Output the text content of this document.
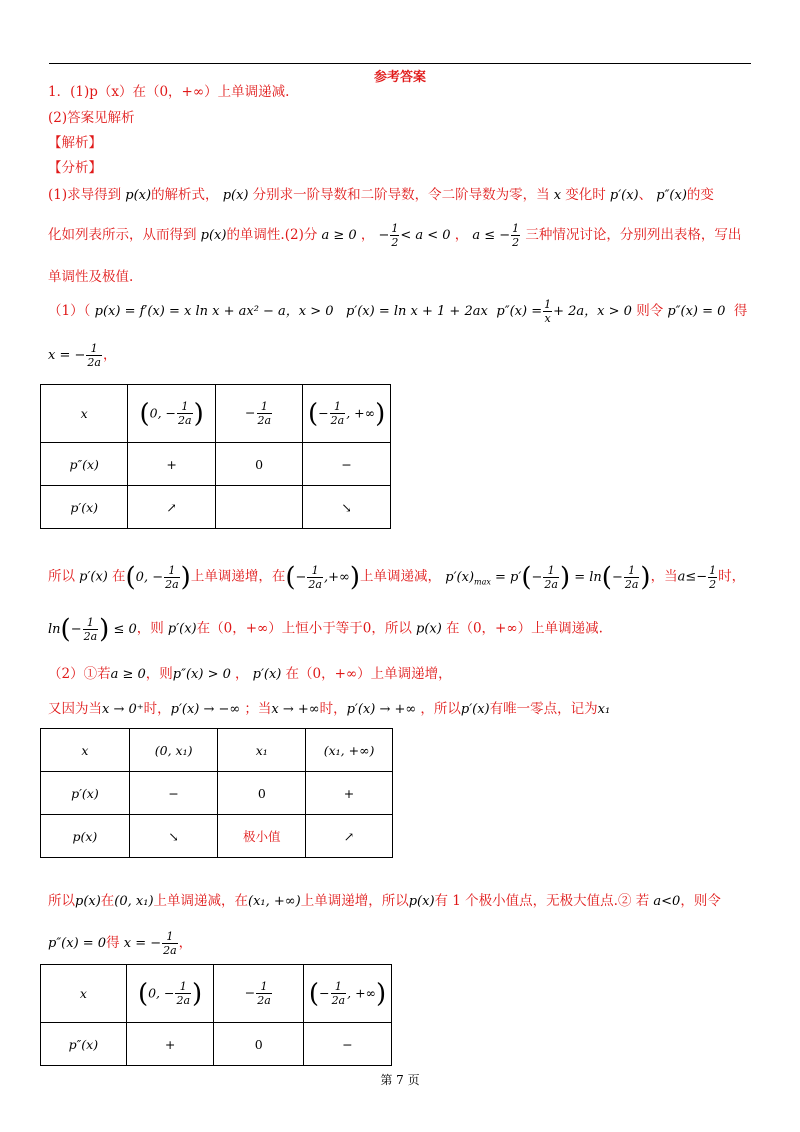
参考答案
1．(1)p（x）在（0，+∞）上单调递减.
(2)答案见解析
【解析】
【分析】
(1)求导得到 p(x)的解析式， p(x) 分别求一阶导数和二阶导数，令二阶导数为零，当 x 变化时 p′(x)、 p″(x)的变
化如列表所示，从而得到 p(x)的单调性.(2)分 a ≥ 0 ， − $\frac{1}{2} < a < 0$ ， a ≤ − $\frac{1}{2}$ 三种情况讨论，分别列出表格，写出
单调性及极值.
（1）（ p(x) = f′(x) = x ln x + ax² − a，x > 0   p′(x) = ln x + 1 + 2ax $p''(x) = \frac{1}{x} + 2a$，x > 0 则令 p″(x) = 0  得
x = − $\frac{1}{2a}$ ，
x	(0, − $\frac{1}{2a}$ )	− $\frac{1}{2a}$	(− $\frac{1}{2a}$ , +∞)
p″(x)	+	0	−
p′(x)	↗		↘
所以 p′(x) 在(0, − $\frac{1}{2a}$ )上单调递增，在(− $\frac{1}{2a}$ ,+∞)上单调递减， $p'(x)_{max} = p'(- \frac{1}{2a}$ ) = $\ln(- \frac{1}{2a}$ )，当$a\le- \frac{1}{2}$ 时，
$\ln(- \frac{1}{2a}$ ) ≤ 0，则 p′(x)在（0，+∞）上恒小于等于0，所以 p(x) 在（0，+∞）上单调递减.
（2）①若a ≥ 0，则p″(x) > 0 ， p′(x) 在（0，+∞）上单调递增，
又因为当x → 0⁺时，p′(x) → −∞ ；当x → +∞时，p′(x) → +∞ ，所以p′(x)有唯一零点，记为x₁
x	(0, x₁)	x₁	(x₁, +∞)
p′(x)	−	0	+
p(x)	↘	极小值	↗
所以p(x)在(0, x₁)上单调递减，在(x₁, +∞)上单调递增，所以p(x)有 1 个极小值点，无极大值点.② 若 a<0，则令
p″(x) = 0得 x = − $\frac{1}{2a}$ ，
x	(0, − $\frac{1}{2a}$ )	− $\frac{1}{2a}$	(− $\frac{1}{2a}$ , +∞)
p″(x)	+	0	−
第 7 页
